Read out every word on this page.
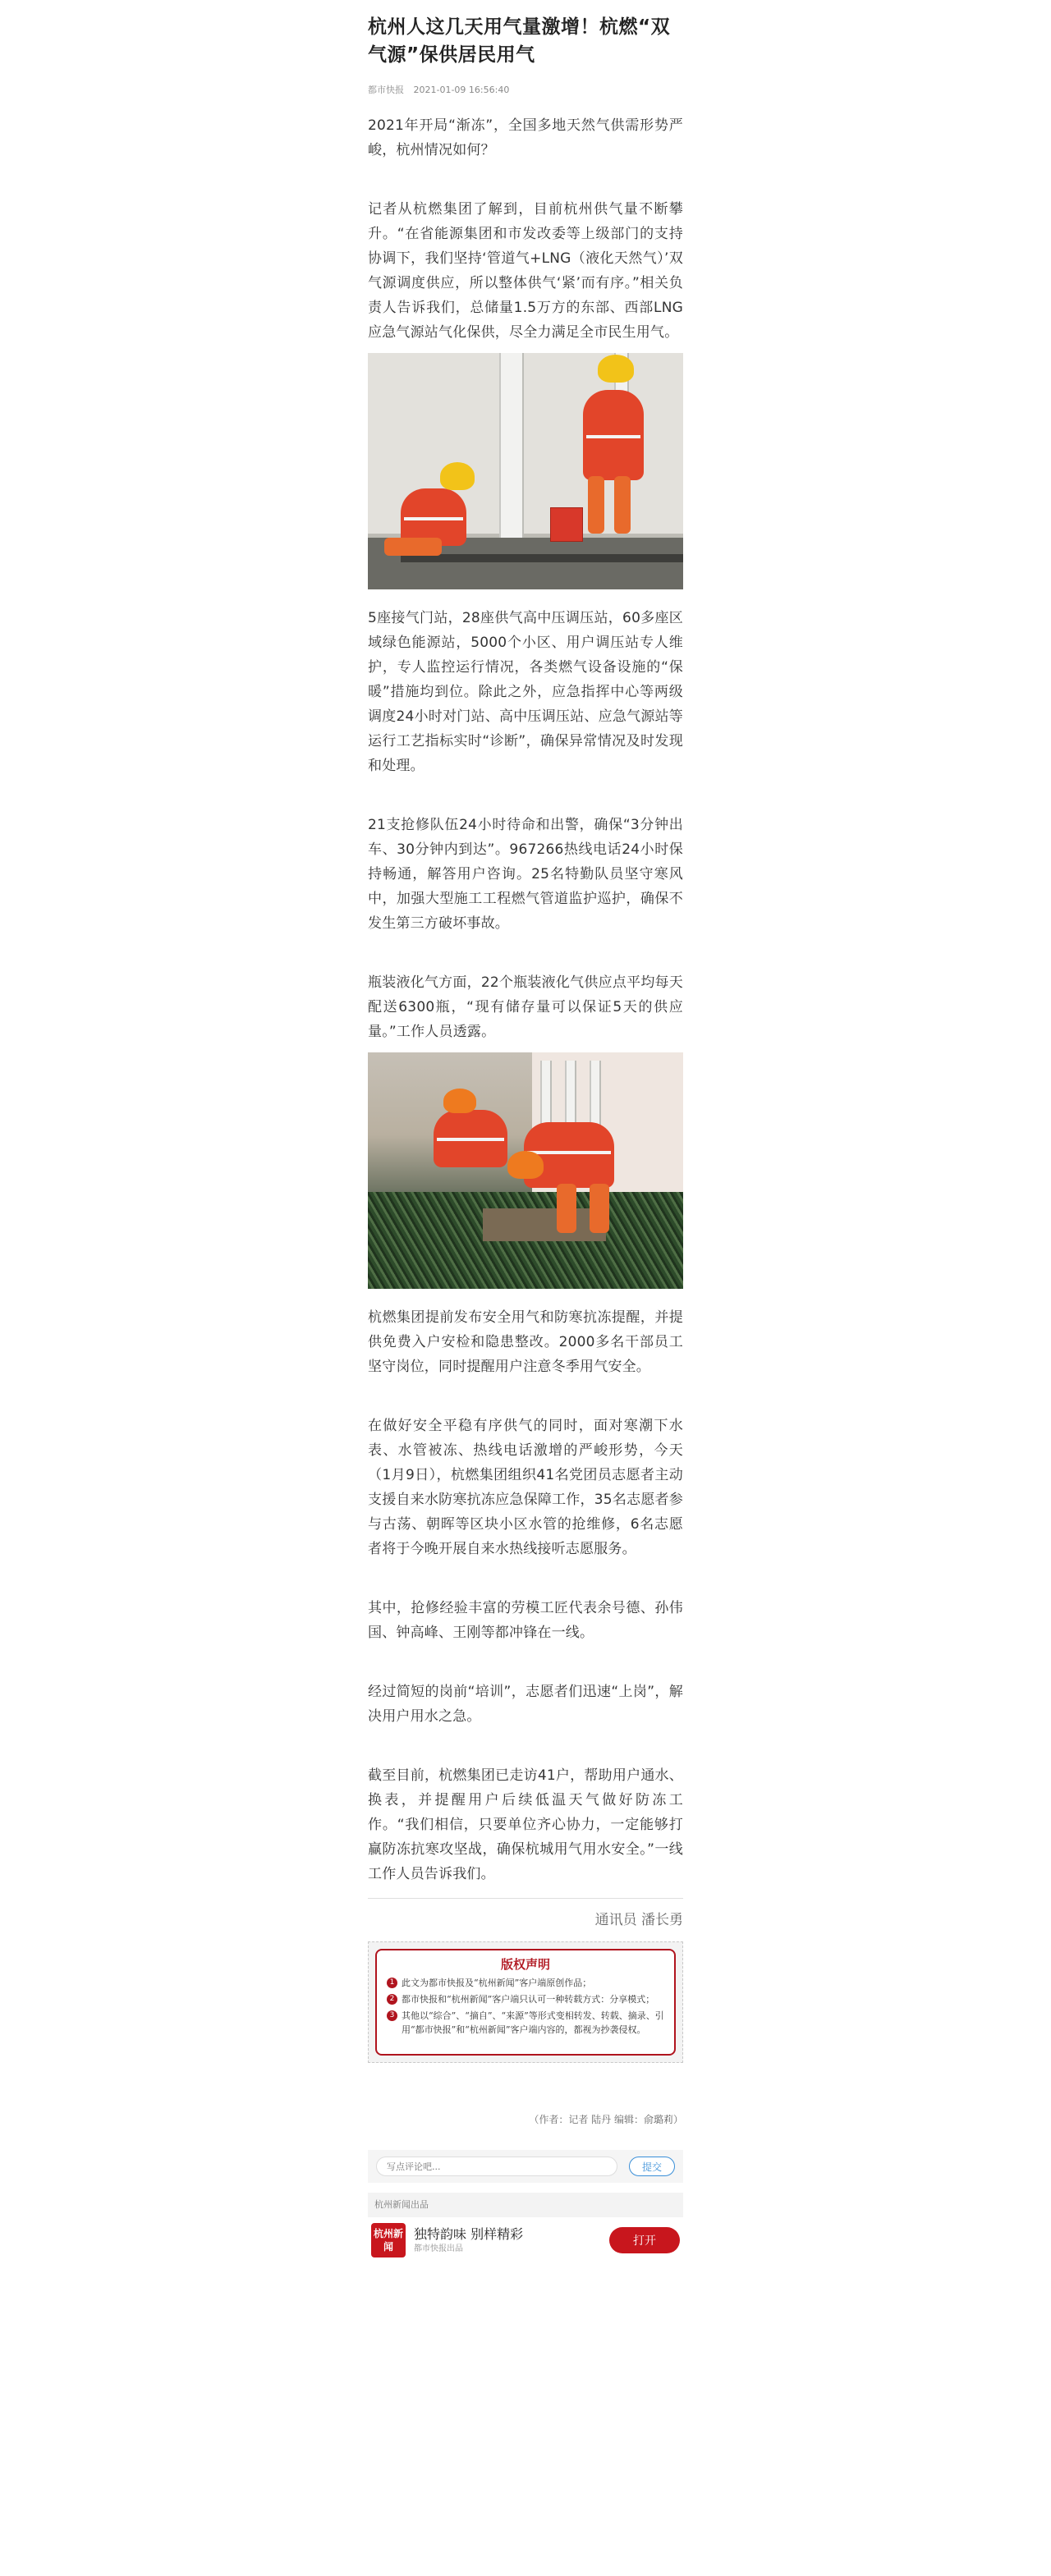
杭州人这几天用气量激增！杭燃“双气源”保供居民用气
都市快报 2021-01-09 16:56:40

2021年开局“渐冻”，全国多地天然气供需形势严峻，杭州情况如何？

记者从杭燃集团了解到，目前杭州供气量不断攀升。“在省能源集团和市发改委等上级部门的支持协调下，我们坚持‘管道气+LNG（液化天然气）’双气源调度供应，所以整体供气‘紧’而有序。”相关负责人告诉我们，总储量1.5万方的东部、西部LNG应急气源站气化保供，尽全力满足全市民生用气。

5座接气门站，28座供气高中压调压站，60多座区域绿色能源站，5000个小区、用户调压站专人维护，专人监控运行情况，各类燃气设备设施的“保暖”措施均到位。除此之外，应急指挥中心等两级调度24小时对门站、高中压调压站、应急气源站等运行工艺指标实时“诊断”，确保异常情况及时发现和处理。

21支抢修队伍24小时待命和出警，确保“3分钟出车、30分钟内到达”。967266热线电话24小时保持畅通，解答用户咨询。25名特勤队员坚守寒风中，加强大型施工工程燃气管道监护巡护，确保不发生第三方破坏事故。

瓶装液化气方面，22个瓶装液化气供应点平均每天配送6300瓶，“现有储存量可以保证5天的供应量。”工作人员透露。

杭燃集团提前发布安全用气和防寒抗冻提醒，并提供免费入户安检和隐患整改。2000多名干部员工坚守岗位，同时提醒用户注意冬季用气安全。

在做好安全平稳有序供气的同时，面对寒潮下水表、水管被冻、热线电话激增的严峻形势，今天（1月9日），杭燃集团组织41名党团员志愿者主动支援自来水防寒抗冻应急保障工作，35名志愿者参与古荡、朝晖等区块小区水管的抢维修，6名志愿者将于今晚开展自来水热线接听志愿服务。

其中，抢修经验丰富的劳模工匠代表余号德、孙伟国、钟高峰、王刚等都冲锋在一线。

经过简短的岗前“培训”，志愿者们迅速“上岗”，解决用户用水之急。

截至目前，杭燃集团已走访41户，帮助用户通水、换表，并提醒用户后续低温天气做好防冻工作。“我们相信，只要单位齐心协力，一定能够打赢防冻抗寒攻坚战，确保杭城用气用水安全。”一线工作人员告诉我们。

通讯员 潘长勇
版权声明
1 此文为都市快报及“杭州新闻”客户端原创作品；
2 都市快报和“杭州新闻”客户端只认可一种转载方式：分享模式；
3 其他以“综合”、“摘自”、“来源”等形式变相转发、转载、摘录、引用“都市快报”和“杭州新闻”客户端内容的，都视为抄袭侵权。
（作者：记者 陆丹 编辑：俞璐莉）
写点评论吧...
提交
杭州新闻出品
杭州新闻
独特韵味 别样精彩
都市快报出品
打开
